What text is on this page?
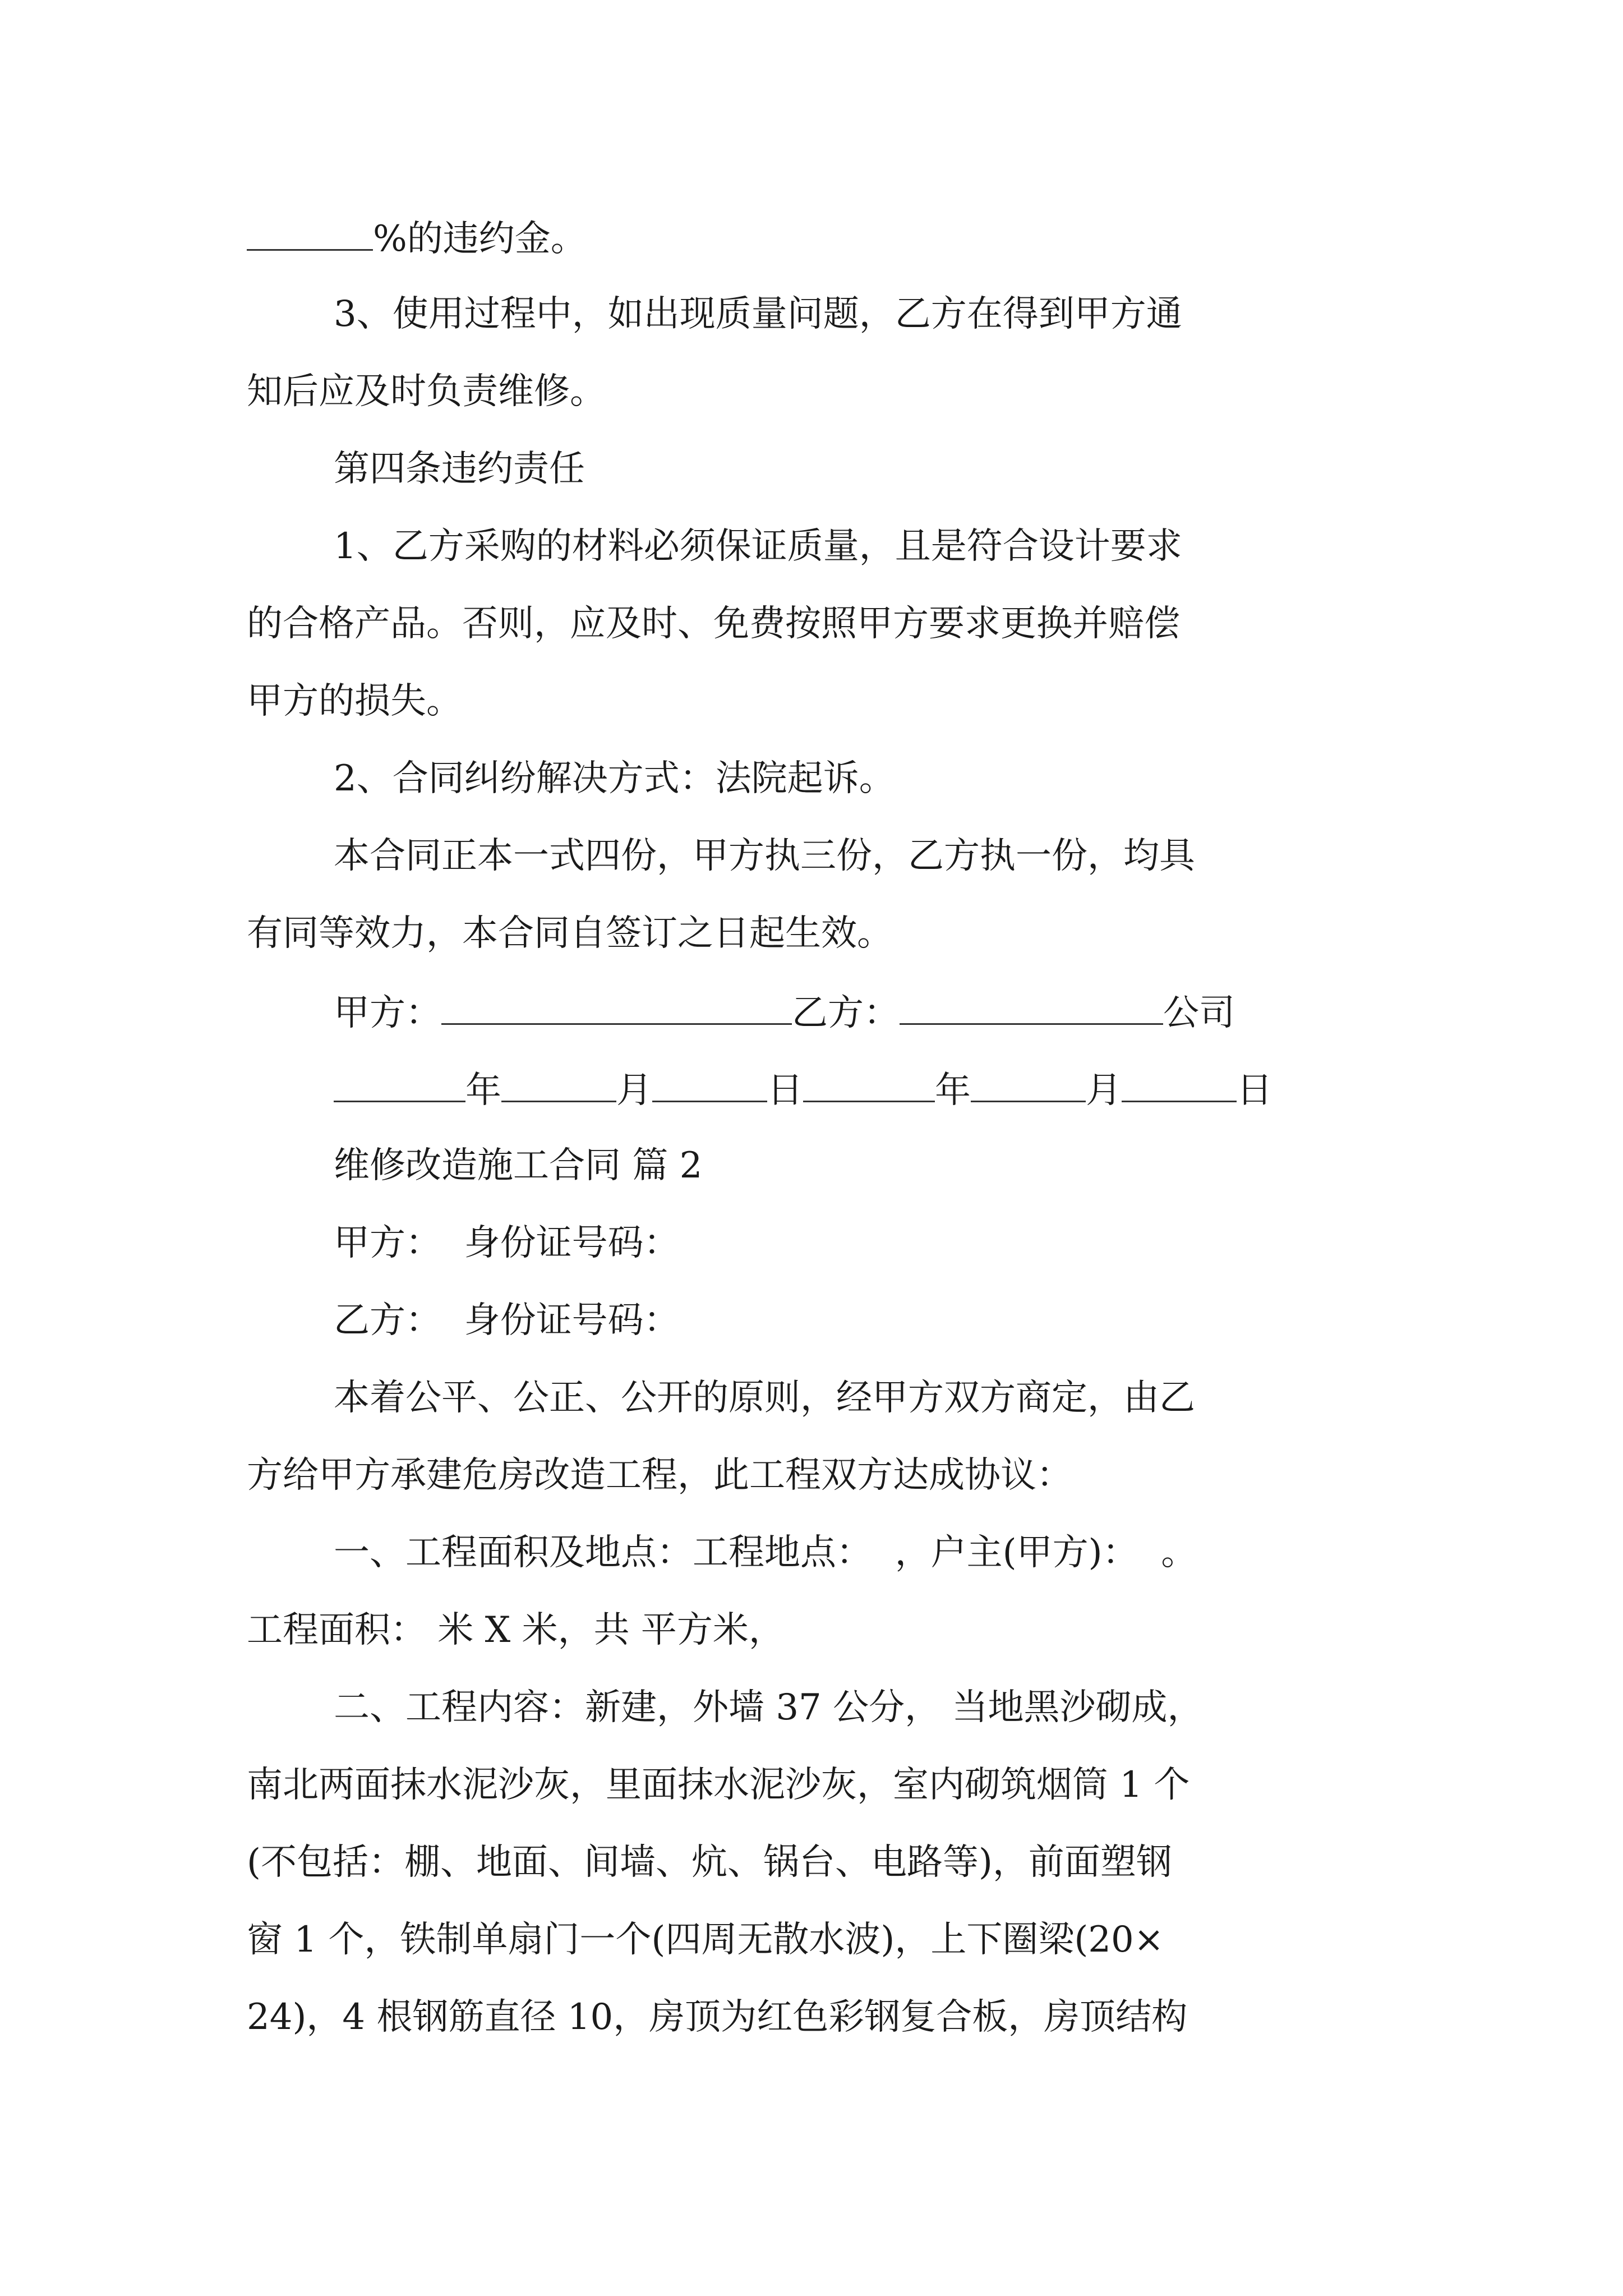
%的违约金。

3、使用过程中，如出现质量问题，乙方在得到甲方通

知后应及时负责维修。

第四条违约责任

1、乙方采购的材料必须保证质量，且是符合设计要求

的合格产品。否则，应及时、免费按照甲方要求更换并赔偿

甲方的损失。

2、合同纠纷解决方式：法院起诉。

本合同正本一式四份，甲方执三份，乙方执一份，均具

有同等效力，本合同自签订之日起生效。

甲方：	乙方：	公司

年	月	日	年	月	日

维修改造施工合同 篇 2

甲方：  身份证号码：

乙方：  身份证号码：

本着公平、公正、公开的原则，经甲方双方商定，由乙

方给甲方承建危房改造工程，此工程双方达成协议：

一、工程面积及地点：工程地点：  ，户主(甲方)：  。

工程面积： 米 X 米，共 平方米，

二、工程内容：新建，外墙 37 公分， 当地黑沙砌成，

南北两面抹水泥沙灰，里面抹水泥沙灰，室内砌筑烟筒 1 个

(不包括：棚、地面、间墙、炕、锅台、电路等)，前面塑钢

窗 1 个，铁制单扇门一个(四周无散水波)，上下圈梁(20×

24)，4 根钢筋直径 10，房顶为红色彩钢复合板，房顶结构
